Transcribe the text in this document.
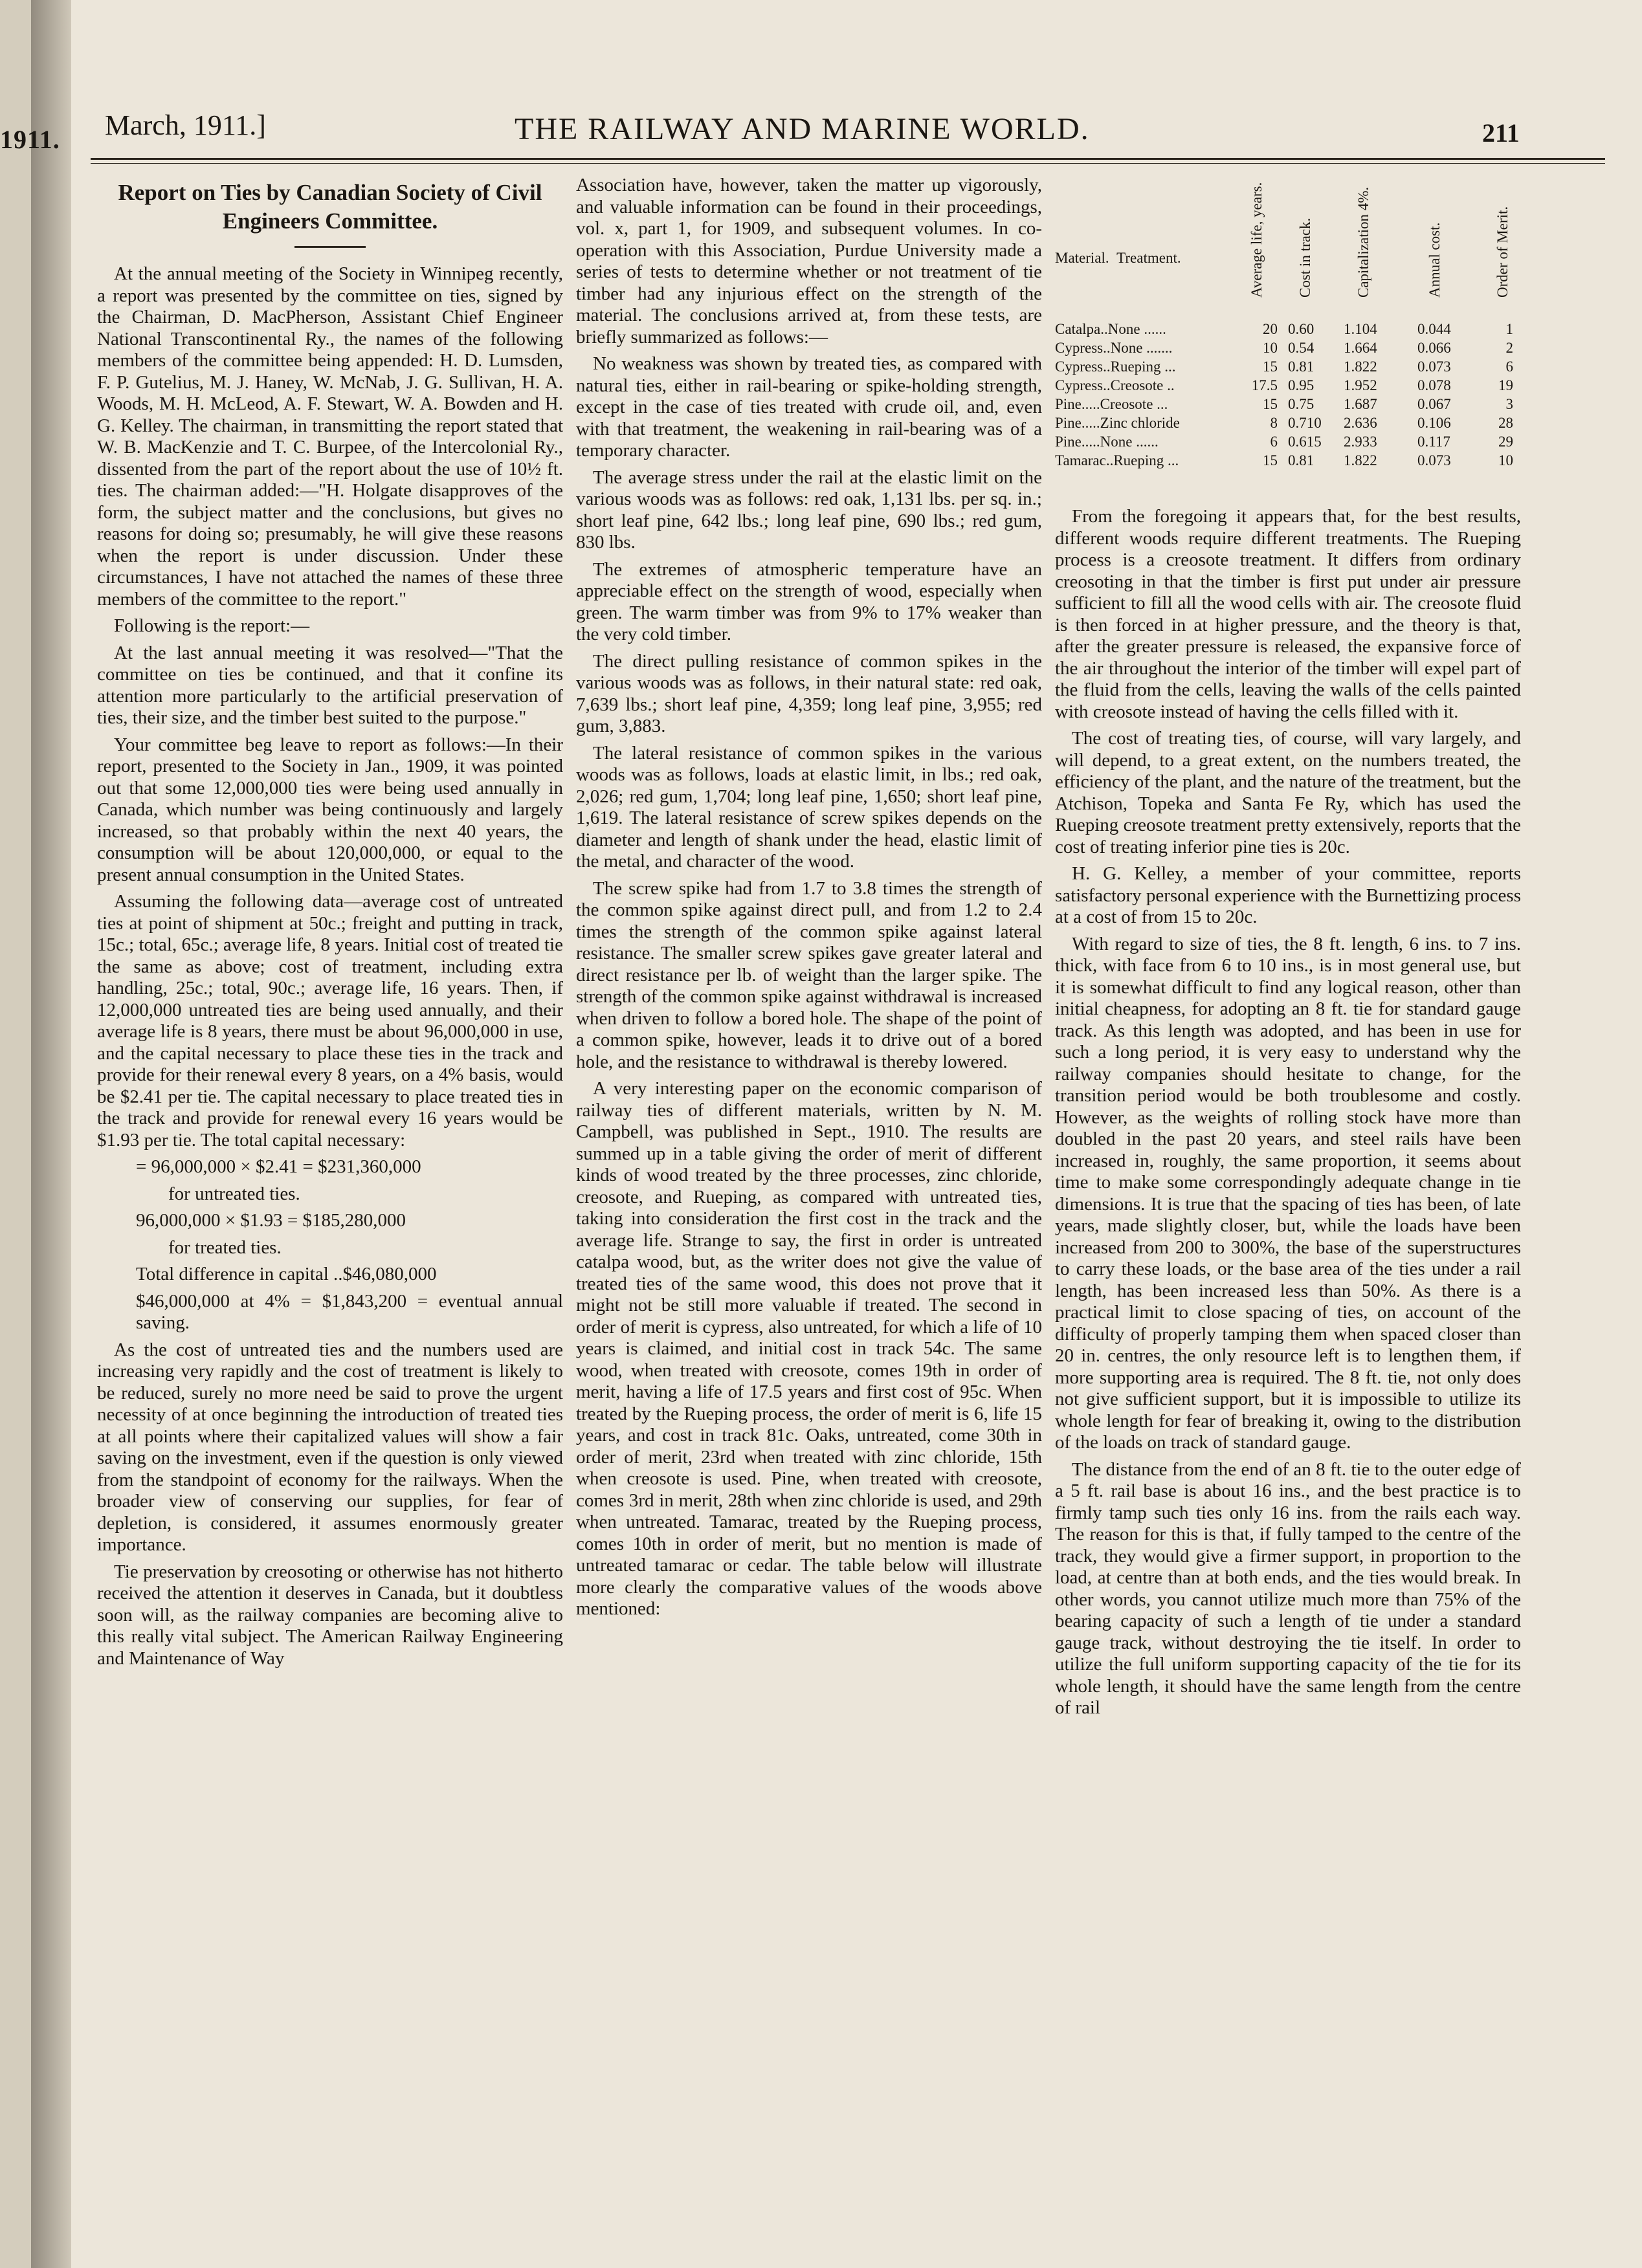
1911. March, 1911.]	THE RAILWAY AND MARINE WORLD.	211
Report on Ties by Canadian Society of Civil Engineers Committee.

At the annual meeting of the Society in Winnipeg recently, a report was presented by the committee on ties, signed by the Chairman, D. MacPherson, Assistant Chief Engineer National Transcontinental Ry., the names of the following members of the committee being appended: H. D. Lumsden, F. P. Gutelius, M. J. Haney, W. McNab, J. G. Sullivan, H. A. Woods, M. H. McLeod, A. F. Stewart, W. A. Bowden and H. G. Kelley. The chairman, in transmitting the report stated that W. B. MacKenzie and T. C. Burpee, of the Intercolonial Ry., dissented from the part of the report about the use of 10½ ft. ties. The chairman added:—"H. Holgate disapproves of the form, the subject matter and the conclusions, but gives no reasons for doing so; presumably, he will give these reasons when the report is under discussion. Under these circumstances, I have not attached the names of these three members of the committee to the report."

Following is the report:—

At the last annual meeting it was resolved—"That the committee on ties be continued, and that it confine its attention more particularly to the artificial preservation of ties, their size, and the timber best suited to the purpose."

Your committee beg leave to report as follows:—In their report, presented to the Society in Jan., 1909, it was pointed out that some 12,000,000 ties were being used annually in Canada, which number was being continuously and largely increased, so that probably within the next 40 years, the consumption will be about 120,000,000, or equal to the present annual consumption in the United States.

Assuming the following data—average cost of untreated ties at point of shipment at 50c.; freight and putting in track, 15c.; total, 65c.; average life, 8 years. Initial cost of treated tie the same as above; cost of treatment, including extra handling, 25c.; total, 90c.; average life, 16 years. Then, if 12,000,000 untreated ties are being used annually, and their average life is 8 years, there must be about 96,000,000 in use, and the capital necessary to place these ties in the track and provide for their renewal every 8 years, on a 4% basis, would be $2.41 per tie. The capital necessary to place treated ties in the track and provide for renewal every 16 years would be $1.93 per tie. The total capital necessary:

= 96,000,000 × $2.41 = $231,360,000

for untreated ties.

96,000,000 × $1.93 = $185,280,000

for treated ties.

Total difference in capital ..$46,080,000

$46,000,000 at 4% = $1,843,200 = eventual annual saving.

As the cost of untreated ties and the numbers used are increasing very rapidly and the cost of treatment is likely to be reduced, surely no more need be said to prove the urgent necessity of at once beginning the introduction of treated ties at all points where their capitalized values will show a fair saving on the investment, even if the question is only viewed from the standpoint of economy for the railways. When the broader view of conserving our supplies, for fear of depletion, is considered, it assumes enormously greater importance.

Tie preservation by creosoting or otherwise has not hitherto received the attention it deserves in Canada, but it doubtless soon will, as the railway companies are becoming alive to this really vital subject. The American Railway Engineering and Maintenance of Way

Association have, however, taken the matter up vigorously, and valuable information can be found in their proceedings, vol. x, part 1, for 1909, and subsequent volumes. In co-operation with this Association, Purdue University made a series of tests to determine whether or not treatment of tie timber had any injurious effect on the strength of the material. The conclusions arrived at, from these tests, are briefly summarized as follows:—

No weakness was shown by treated ties, as compared with natural ties, either in rail-bearing or spike-holding strength, except in the case of ties treated with crude oil, and, even with that treatment, the weakening in rail-bearing was of a temporary character.

The average stress under the rail at the elastic limit on the various woods was as follows: red oak, 1,131 lbs. per sq. in.; short leaf pine, 642 lbs.; long leaf pine, 690 lbs.; red gum, 830 lbs.

The extremes of atmospheric temperature have an appreciable effect on the strength of wood, especially when green. The warm timber was from 9% to 17% weaker than the very cold timber.

The direct pulling resistance of common spikes in the various woods was as follows, in their natural state: red oak, 7,639 lbs.; short leaf pine, 4,359; long leaf pine, 3,955; red gum, 3,883.

The lateral resistance of common spikes in the various woods was as follows, loads at elastic limit, in lbs.; red oak, 2,026; red gum, 1,704; long leaf pine, 1,650; short leaf pine, 1,619. The lateral resistance of screw spikes depends on the diameter and length of shank under the head, elastic limit of the metal, and character of the wood.

The screw spike had from 1.7 to 3.8 times the strength of the common spike against direct pull, and from 1.2 to 2.4 times the strength of the common spike against lateral resistance. The smaller screw spikes gave greater lateral and direct resistance per lb. of weight than the larger spike. The strength of the common spike against withdrawal is increased when driven to follow a bored hole. The shape of the point of a common spike, however, leads it to drive out of a bored hole, and the resistance to withdrawal is thereby lowered.

A very interesting paper on the economic comparison of railway ties of different materials, written by N. M. Campbell, was published in Sept., 1910. The results are summed up in a table giving the order of merit of different kinds of wood treated by the three processes, zinc chloride, creosote, and Rueping, as compared with untreated ties, taking into consideration the first cost in the track and the average life. Strange to say, the first in order is untreated catalpa wood, but, as the writer does not give the value of treated ties of the same wood, this does not prove that it might not be still more valuable if treated. The second in order of merit is cypress, also untreated, for which a life of 10 years is claimed, and initial cost in track 54c. The same wood, when treated with creosote, comes 19th in order of merit, having a life of 17.5 years and first cost of 95c. When treated by the Rueping process, the order of merit is 6, life 15 years, and cost in track 81c. Oaks, untreated, come 30th in order of merit, 23rd when treated with zinc chloride, 15th when creosote is used. Pine, when treated with creosote, comes 3rd in merit, 28th when zinc chloride is used, and 29th when untreated. Tamarac, treated by the Rueping process, comes 10th in order of merit, but no mention is made of untreated tamarac or cedar. The table below will illustrate more clearly the comparative values of the woods above mentioned:

Material. Treatment.	Average life, years. Cost in track.	Capitalization 4%.	Annual cost.	Order of Merit.
Catalpa..None ......	20 0.60 1.104	0.044	1
Cypress..None .......	10 0.54 1.664	0.066	2
Cypress..Rueping ...	15 0.81 1.822	0.073	6
Cypress..Creosote ..	17.5 0.95 1.952	0.078	19
Pine.....Creosote ...	15 0.75 1.687	0.067	3
Pine.....Zinc chloride	8 0.710 2.636	0.106	28
Pine.....None ......	6 0.615 2.933	0.117	29
Tamarac..Rueping ...	15 0.81 1.822	0.073	10

From the foregoing it appears that, for the best results, different woods require different treatments. The Rueping process is a creosote treatment. It differs from ordinary creosoting in that the timber is first put under air pressure sufficient to fill all the wood cells with air. The creosote fluid is then forced in at higher pressure, and the theory is that, after the greater pressure is released, the expansive force of the air throughout the interior of the timber will expel part of the fluid from the cells, leaving the walls of the cells painted with creosote instead of having the cells filled with it.

The cost of treating ties, of course, will vary largely, and will depend, to a great extent, on the numbers treated, the efficiency of the plant, and the nature of the treatment, but the Atchison, Topeka and Santa Fe Ry, which has used the Rueping creosote treatment pretty extensively, reports that the cost of treating inferior pine ties is 20c.

H. G. Kelley, a member of your committee, reports satisfactory personal experience with the Burnettizing process at a cost of from 15 to 20c.

With regard to size of ties, the 8 ft. length, 6 ins. to 7 ins. thick, with face from 6 to 10 ins., is in most general use, but it is somewhat difficult to find any logical reason, other than initial cheapness, for adopting an 8 ft. tie for standard gauge track. As this length was adopted, and has been in use for such a long period, it is very easy to understand why the railway companies should hesitate to change, for the transition period would be both troublesome and costly. However, as the weights of rolling stock have more than doubled in the past 20 years, and steel rails have been increased in, roughly, the same proportion, it seems about time to make some correspondingly adequate change in tie dimensions. It is true that the spacing of ties has been, of late years, made slightly closer, but, while the loads have been increased from 200 to 300%, the base of the superstructures to carry these loads, or the base area of the ties under a rail length, has been increased less than 50%. As there is a practical limit to close spacing of ties, on account of the difficulty of properly tamping them when spaced closer than 20 in. centres, the only resource left is to lengthen them, if more supporting area is required. The 8 ft. tie, not only does not give sufficient support, but it is impossible to utilize its whole length for fear of breaking it, owing to the distribution of the loads on track of standard gauge.

The distance from the end of an 8 ft. tie to the outer edge of a 5 ft. rail base is about 16 ins., and the best practice is to firmly tamp such ties only 16 ins. from the rails each way. The reason for this is that, if fully tamped to the centre of the track, they would give a firmer support, in proportion to the load, at centre than at both ends, and the ties would break. In other words, you cannot utilize much more than 75% of the bearing capacity of such a length of tie under a standard gauge track, without destroying the tie itself. In order to utilize the full uniform supporting capacity of the tie for its whole length, it should have the same length from the centre of rail
